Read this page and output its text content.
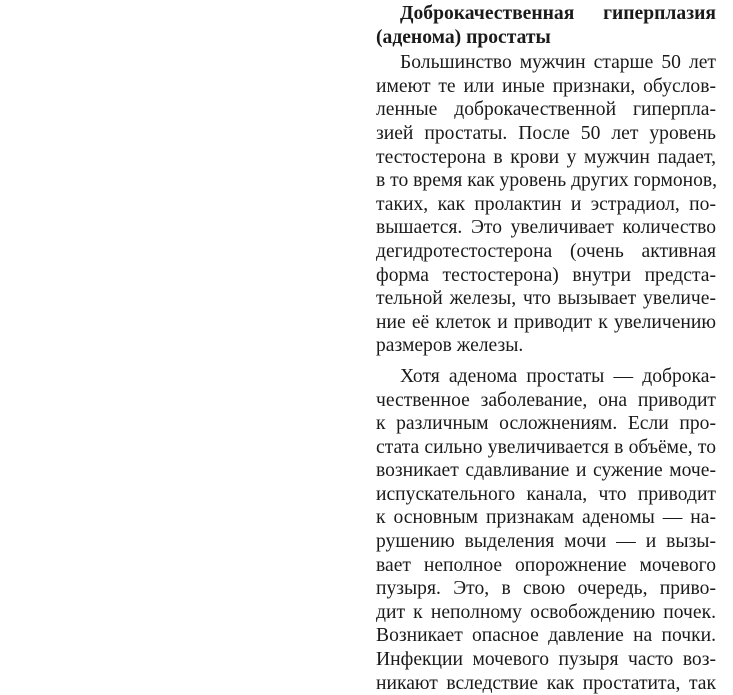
Доброкачественная гиперплазия
(аденома) простаты
Большинство мужчин старше 50 лет
имеют те или иные признаки, обуслов-
ленные доброкачественной гиперпла-
зией простаты. После 50 лет уровень
тестостерона в крови у мужчин падает,
в то время как уровень других гормонов,
таких, как пролактин и эстрадиол, по-
вышается. Это увеличивает количество
дегидротестостерона (очень активная
форма тестостерона) внутри предста-
тельной железы, что вызывает увеличе-
ние её клеток и приводит к увеличению
размеров железы.
Хотя аденома простаты — доброка-
чественное заболевание, она приводит
к различным осложнениям. Если про-
стата сильно увеличивается в объёме, то
возникает сдавливание и сужение моче-
испускательного канала, что приводит
к основным признакам аденомы — на-
рушению выделения мочи — и вызы-
вает неполное опорожнение мочевого
пузыря. Это, в свою очередь, приво-
дит к неполному освобождению почек.
Возникает опасное давление на почки.
Инфекции мочевого пузыря часто воз-
никают вследствие как простатита, так
